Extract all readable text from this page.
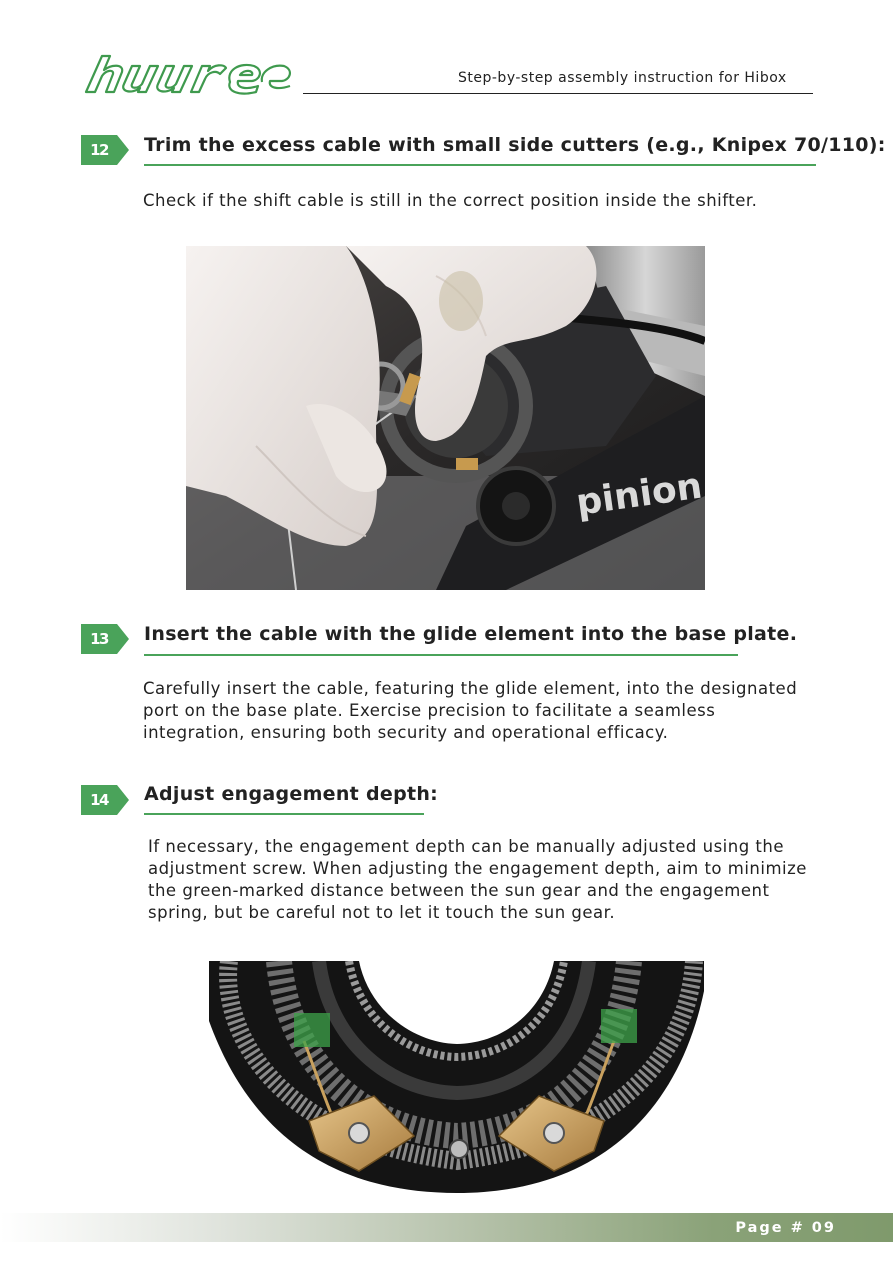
Step-by-step assembly instruction for Hibox
12	Trim the excess cable with small side cutters (e.g., Knipex 70/110):

Check if the shift cable is still in the correct position inside the shifter.

pinion
13	Insert the cable with the glide element into the base plate.

Carefully insert the cable, featuring the glide element, into the designated

port on the base plate. Exercise precision to facilitate a seamless

integration, ensuring both security and operational efficacy.

14	Adjust engagement depth:

If necessary, the engagement depth can be manually adjusted using the

adjustment screw. When adjusting the engagement depth, aim to minimize

the green-marked distance between the sun gear and the engagement

spring, but be careful not to let it touch the sun gear.

Page # 09
